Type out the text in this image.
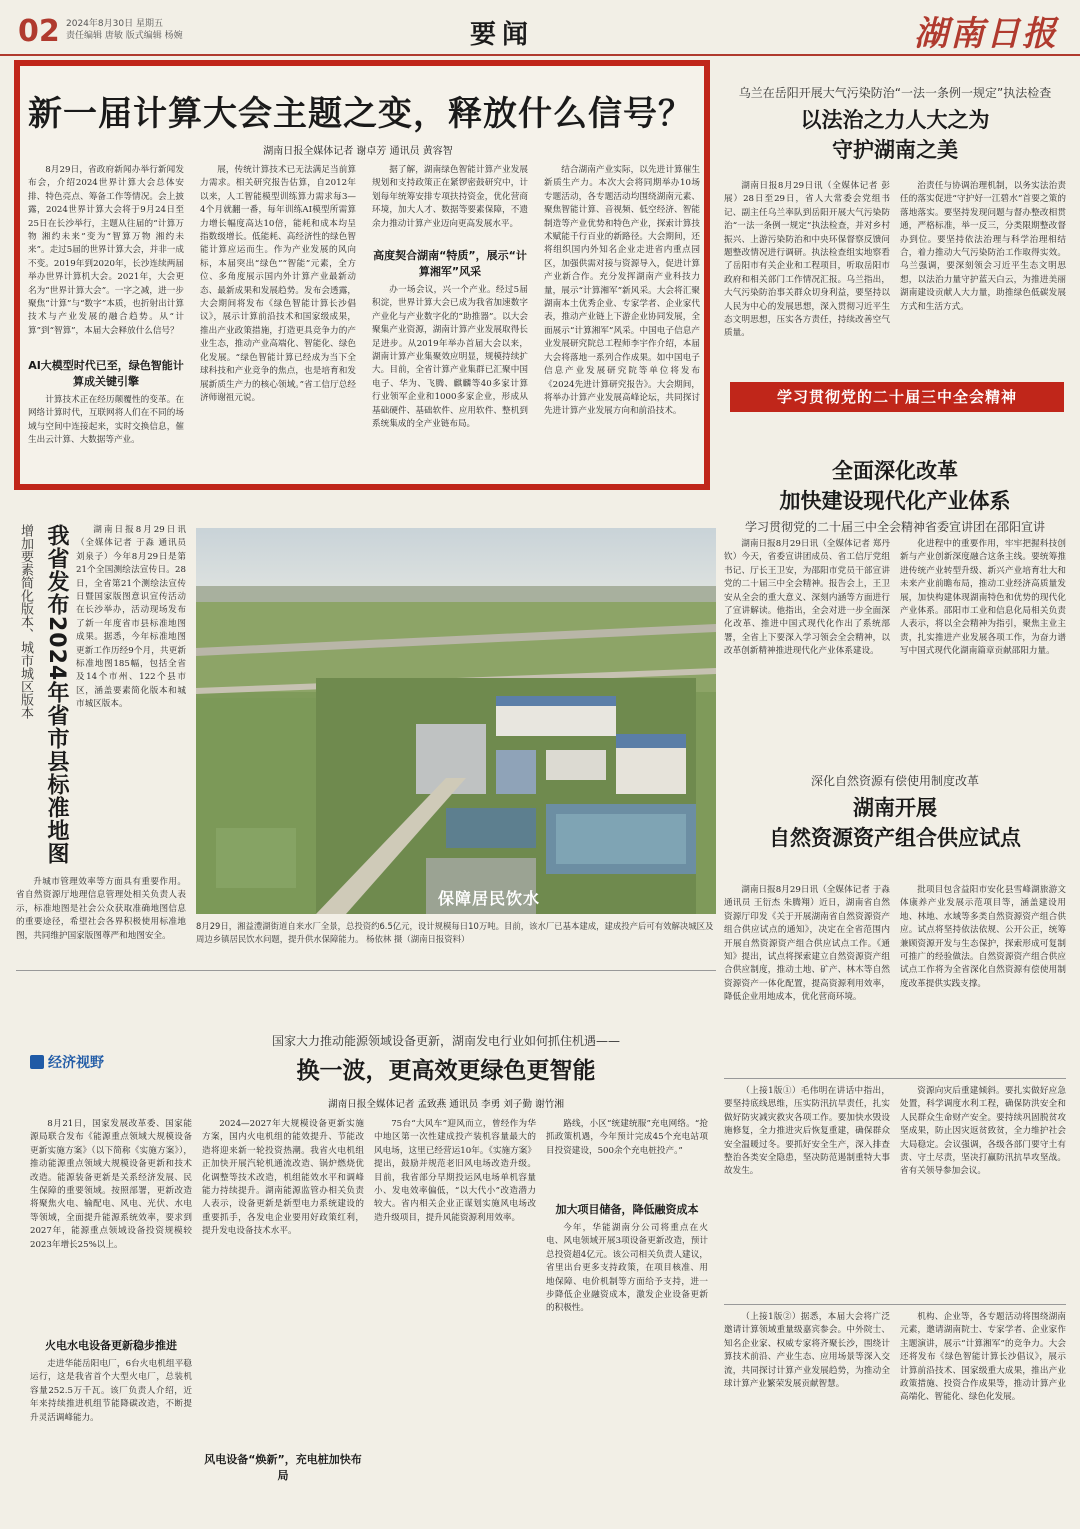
02 2024年8月30日 星期五
责任编辑 唐敏 版式编辑 杨婉	要闻	湖南日报
新一届计算大会主题之变，释放什么信号？
湖南日报全媒体记者 谢卓芳 通讯员 黄容智
8月29日，省政府新闻办举行新闻发布会，介绍2024世界计算大会总体安排、特色亮点、筹备工作等情况。会上披露，2024世界计算大会将于9月24日至25日在长沙举行，主题从往届的“计算万物 湘约未来”变为“智算万物 湘约未来”。走过5届的世界计算大会，并非一成不变。2019年到2020年，长沙连续两届举办世界计算机大会。2021年，大会更名为“世界计算大会”。一字之减，进一步聚焦“计算”与“数字”本质，也折射出计算技术与产业发展的融合趋势。从“计算”到“智算”，本届大会释放什么信号？
AI大模型时代已至，绿色智能计算成关键引擎
计算技术正在经历颠覆性的变革。在网络计算时代，互联网将人们在不同的场域与空间中连接起来，实时交换信息，催生出云计算、大数据等产业。
展，传统计算技术已无法满足当前算力需求。相关研究报告估算，自2012年以来，人工智能模型训练算力需求每3—4个月就翻一番，每年训练AI模型所需算力增长幅度高达10倍，能耗和成本均呈指数级增长。低能耗、高经济性的绿色智能计算应运而生。作为产业发展的风向标，本届突出“绿色”“智能”元素，全方位、多角度展示国内外计算产业最新动态、最新成果和发展趋势。发布会透露，大会期间将发布《绿色智能计算长沙倡议》，展示计算前沿技术和国家级成果，推出产业政策措施，打造更具竞争力的产业生态，推动产业高端化、智能化、绿色化发展。“绿色智能计算已经成为当下全球科技和产业竞争的焦点，也是培育和发展新质生产力的核心领域。”省工信厅总经济师谢祖元说。
据了解，湖南绿色智能计算产业发展规划和支持政策正在紧锣密鼓研究中，计划每年统筹安排专项扶持资金，优化营商环境，加大人才、数据等要素保障，不遗余力推动计算产业迈向更高发展水平。
高度契合湖南“特质”，展示“计算湘军”风采
办一场会议，兴一个产业。经过5届积淀，世界计算大会已成为我省加速数字产业化与产业数字化的“助推器”。以大会聚集产业资源，湖南计算产业发展取得长足进步。从2019年举办首届大会以来，湖南计算产业集聚效应明显，规模持续扩大。目前，全省计算产业集群已汇聚中国电子、华为、飞腾、麒麟等40多家计算行业领军企业和1000多家企业，形成从基础硬件、基础软件、应用软件、整机到系统集成的全产业链布局。
结合湖南产业实际，以先进计算催生新质生产力。本次大会将同期举办10场专题活动，各专题活动均围绕湖南元素、聚焦智能计算、音视频、低空经济、智能制造等产业优势和特色产业，探索计算技术赋能千行百业的新路径。大会期间，还将组织国内外知名企业走进省内重点园区，加强供需对接与资源导入，促进计算产业新合作。充分发挥湖南产业科技力量，展示“计算湘军”新风采。大会将汇聚湖南本土优秀企业、专家学者、企业家代表，推动产业链上下游企业协同发展，全面展示“计算湘军”风采。中国电子信息产业发展研究院总工程师李宇作介绍，本届大会将落地一系列合作成果。如中国电子信息产业发展研究院等单位将发布《2024先进计算研究报告》。大会期间，将举办计算产业发展高峰论坛，共同探讨先进计算产业发展方向和前沿技术。
乌兰在岳阳开展大气污染防治“一法一条例一规定”执法检查
以法治之力人大之为
守护湖南之美
湖南日报8月29日讯（全媒体记者 彭展）28日至29日，省人大常委会党组书记、副主任乌兰率队到岳阳开展大气污染防治“一法一条例一规定”执法检查，并对乡村振兴、上游污染防治和中央环保督察反馈问题整改情况进行调研。执法检查组实地察看了岳阳市有关企业和工程项目，听取岳阳市政府和相关部门工作情况汇报。乌兰指出，大气污染防治事关群众切身利益，要坚持以人民为中心的发展思想，深入贯彻习近平生态文明思想，压实各方责任，持续改善空气质量。
治责任与协调治理机制，以务实法治责任的落实促进“守护好一江碧水”首要之策的落地落实。要坚持发现问题与督办整改相贯通，严格标准，举一反三，分类限期整改督办到位。要坚持依法治理与科学治理相结合，着力推动大气污染防治工作取得实效。乌兰强调，要深刻领会习近平生态文明思想，以法治力量守护蓝天白云，为推进美丽湖南建设贡献人大力量，助推绿色低碳发展方式和生活方式。
学习贯彻党的二十届三中全会精神
全面深化改革
加快建设现代化产业体系
学习贯彻党的二十届三中全会精神省委宣讲团在邵阳宣讲
湖南日报8月29日讯（全媒体记者 郑丹钦）今天，省委宣讲团成员、省工信厅党组书记、厅长王卫安，为邵阳市党员干部宣讲党的二十届三中全会精神。报告会上，王卫安从全会的重大意义、深刻内涵等方面进行了宣讲解读。他指出，全会对进一步全面深化改革、推进中国式现代化作出了系统部署，全省上下要深入学习领会全会精神，以改革创新精神推进现代化产业体系建设。
化进程中的重要作用，牢牢把握科技创新与产业创新深度融合这条主线。要统筹推进传统产业转型升级、新兴产业培育壮大和未来产业前瞻布局，推动工业经济高质量发展，加快构建体现湖南特色和优势的现代化产业体系。邵阳市工业和信息化局相关负责人表示，将以全会精神为指引，聚焦主业主责，扎实推进产业发展各项工作，为奋力谱写中国式现代化湖南篇章贡献邵阳力量。
深化自然资源有偿使用制度改革
湖南开展
自然资源资产组合供应试点
湖南日报8月29日讯（全媒体记者 于淼 通讯员 王衍杰 朱腾翔）近日，湖南省自然资源厅印发《关于开展湖南省自然资源资产组合供应试点的通知》，决定在全省范围内开展自然资源资产组合供应试点工作。《通知》提出，试点将探索建立自然资源资产组合供应制度，推动土地、矿产、林木等自然资源资产一体化配置，提高资源利用效率，降低企业用地成本，优化营商环境。
批项目包含益阳市安化县雪峰湖旅游文体康养产业发展示范项目等，涵盖建设用地、林地、水域等多类自然资源资产组合供应。试点将坚持依法依规、公开公正，统筹兼顾资源开发与生态保护，探索形成可复制可推广的经验做法。自然资源资产组合供应试点工作将为全省深化自然资源有偿使用制度改革提供实践支撑。
我省发布2024年省市县标准地图
增加要素简化版本、城市城区版本	湖南日报8月29日讯（全媒体记者 于淼 通讯员 刘泉子）今年8月29日是第21个全国测绘法宣传日。28日，全省第21个测绘法宣传日暨国家版图意识宣传活动在长沙举办，活动现场发布了新一年度省市县标准地图成果。据悉，今年标准地图更新工作历经9个月，共更新标准地图185幅，包括全省及14个市州、122个县市区，涵盖要素简化版本和城市城区版本。
升城市管理效率等方面具有重要作用。省自然资源厅地理信息管理处相关负责人表示，标准地图是社会公众获取准确地图信息的重要途径，希望社会各界积极使用标准地图，共同维护国家版图尊严和地图安全。
保障居民饮水
8月29日，湘益澧湖街道自来水厂全景，总投资约6.5亿元，设计规模每日10万吨。目前，该水厂已基本建成，建成投产后可有效解决城区及周边乡镇居民饮水问题，提升供水保障能力。 杨依林 摄（湖南日报资料）
经济视野
国家大力推动能源领域设备更新，湖南发电行业如何抓住机遇——
换一波，更高效更绿色更智能
湖南日报全媒体记者 孟致燕 通讯员 李勇 刘子勤 谢竹湘
8月21日，国家发展改革委、国家能源局联合发布《能源重点领域大规模设备更新实施方案》（以下简称《实施方案》），推动能源重点领域大规模设备更新和技术改造。能源装备更新是关系经济发展、民生保障的重要领域。按照部署，更新改造将聚焦火电、输配电、风电、光伏、水电等领域，全面提升能源系统效率，要求到2027年，能源重点领域设备投资规模较2023年增长25%以上。
火电水电设备更新稳步推进
走进华能岳阳电厂，6台火电机组平稳运行，这是我省首个大型火电厂，总装机容量252.5万千瓦。该厂负责人介绍，近年来持续推进机组节能降碳改造，不断提升灵活调峰能力。
2024—2027年大规模设备更新实施方案，国内火电机组的能效提升、节能改造将迎来新一轮投资热潮。我省火电机组正加快开展汽轮机通流改造、锅炉燃烧优化调整等技术改造，机组能效水平和调峰能力持续提升。湖南能源监管办相关负责人表示，设备更新是新型电力系统建设的重要抓手，各发电企业要用好政策红利，提升发电设备技术水平。
风电设备“焕新”，充电桩加快布局
75台“大风车”迎风而立，曾经作为华中地区第一次性建成投产装机容量最大的风电场，这里已经营运10年。《实施方案》提出，鼓励并规范老旧风电场改造升级。目前，我省部分早期投运风电场单机容量小、发电效率偏低，“以大代小”改造潜力较大。省内相关企业正谋划实施风电场改造升级项目，提升风能资源利用效率。
路线，小区“统建统服”充电网络。“抢抓政策机遇，今年预计完成45个充电站项目投资建设，500余个充电桩投产。”
加大项目储备，降低融资成本
今年，华能湖南分公司将重点在火电、风电领域开展3项设备更新改造，预计总投资超4亿元。该公司相关负责人建议，省里出台更多支持政策，在项目核准、用地保障、电价机制等方面给予支持，进一步降低企业融资成本，激发企业设备更新的积极性。
（上接1版①）毛伟明在讲话中指出，要坚持底线思维，压实防汛抗旱责任，扎实做好防灾减灾救灾各项工作。要加快水毁设施修复，全力推进灾后恢复重建，确保群众安全温暖过冬。要抓好安全生产，深入排查整治各类安全隐患，坚决防范遏制重特大事故发生。
资源向灾后重建倾斜。要扎实做好应急处置，科学调度水利工程，确保防洪安全和人民群众生命财产安全。要持续巩固脱贫攻坚成果，防止因灾返贫致贫，全力维护社会大局稳定。会议强调，各级各部门要守土有责、守土尽责，坚决打赢防汛抗旱攻坚战。省有关领导参加会议。
（上接1版②）据悉，本届大会将广泛邀请计算领域重量级嘉宾参会。中外院士、知名企业家、权威专家将齐聚长沙，围绕计算技术前沿、产业生态、应用场景等深入交流，共同探讨计算产业发展趋势，为推动全球计算产业繁荣发展贡献智慧。
机构、企业等，各专题活动将围绕湖南元素，邀请湖南院士、专家学者、企业家作主题演讲，展示“计算湘军”的竞争力。大会还将发布《绿色智能计算长沙倡议》，展示计算前沿技术、国家级重大成果，推出产业政策措施、投资合作成果等，推动计算产业高端化、智能化、绿色化发展。
